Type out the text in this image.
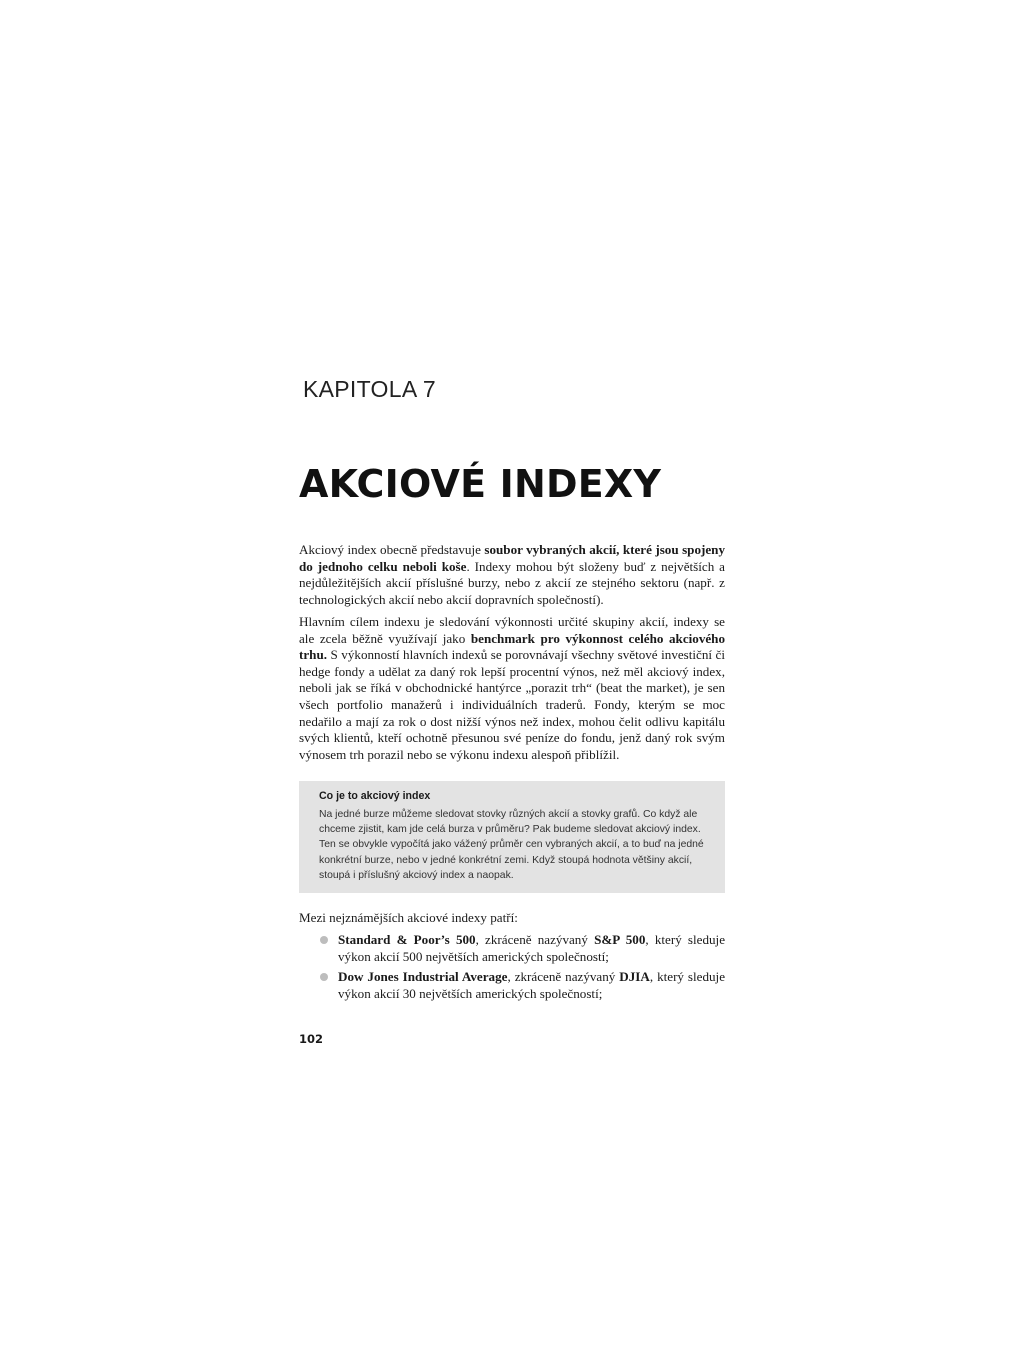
KAPITOLA 7

AKCIOVÉ INDEXY

Akciový index obecně představuje soubor vybraných akcií, které jsou spojeny do jednoho celku neboli koše. Indexy mohou být složeny buď z největších a nejdůležitějších akcií příslušné burzy, nebo z akcií ze stejného sektoru (např. z technologických akcií nebo akcií dopravních společností).

Hlavním cílem indexu je sledování výkonnosti určité skupiny akcií, indexy se ale zcela běžně využívají jako benchmark pro výkonnost celého akciového trhu. S výkonností hlavních indexů se porovnávají všechny světové investiční či hedge fondy a udělat za daný rok lepší procentní výnos, než měl akciový index, neboli jak se říká v obchodnické hantýrce „porazit trh“ (beat the market), je sen všech portfolio manažerů i individuálních traderů. Fondy, kterým se moc nedařilo a mají za rok o dost nižší výnos než index, mohou čelit odlivu kapitálu svých klientů, kteří ochotně přesunou své peníze do fondu, jenž daný rok svým výnosem trh porazil nebo se výkonu indexu alespoň přiblížil.

Co je to akciový index

Na jedné burze můžeme sledovat stovky různých akcií a stovky grafů. Co když ale chceme zjistit, kam jde celá burza v průměru? Pak budeme sledovat akciový index. Ten se obvykle vypočítá jako vážený průměr cen vybraných akcií, a to buď na jedné konkrétní burze, nebo v jedné konkrétní zemi. Když stoupá hodnota většiny akcií, stoupá i příslušný akciový index a naopak.

Mezi nejznámějších akciové indexy patří:

Standard & Poor’s 500, zkráceně nazývaný S&P 500, který sleduje výkon akcií 500 největších amerických společností;
Dow Jones Industrial Average, zkráceně nazývaný DJIA, který sleduje výkon akcií 30 největších amerických společností;

102
